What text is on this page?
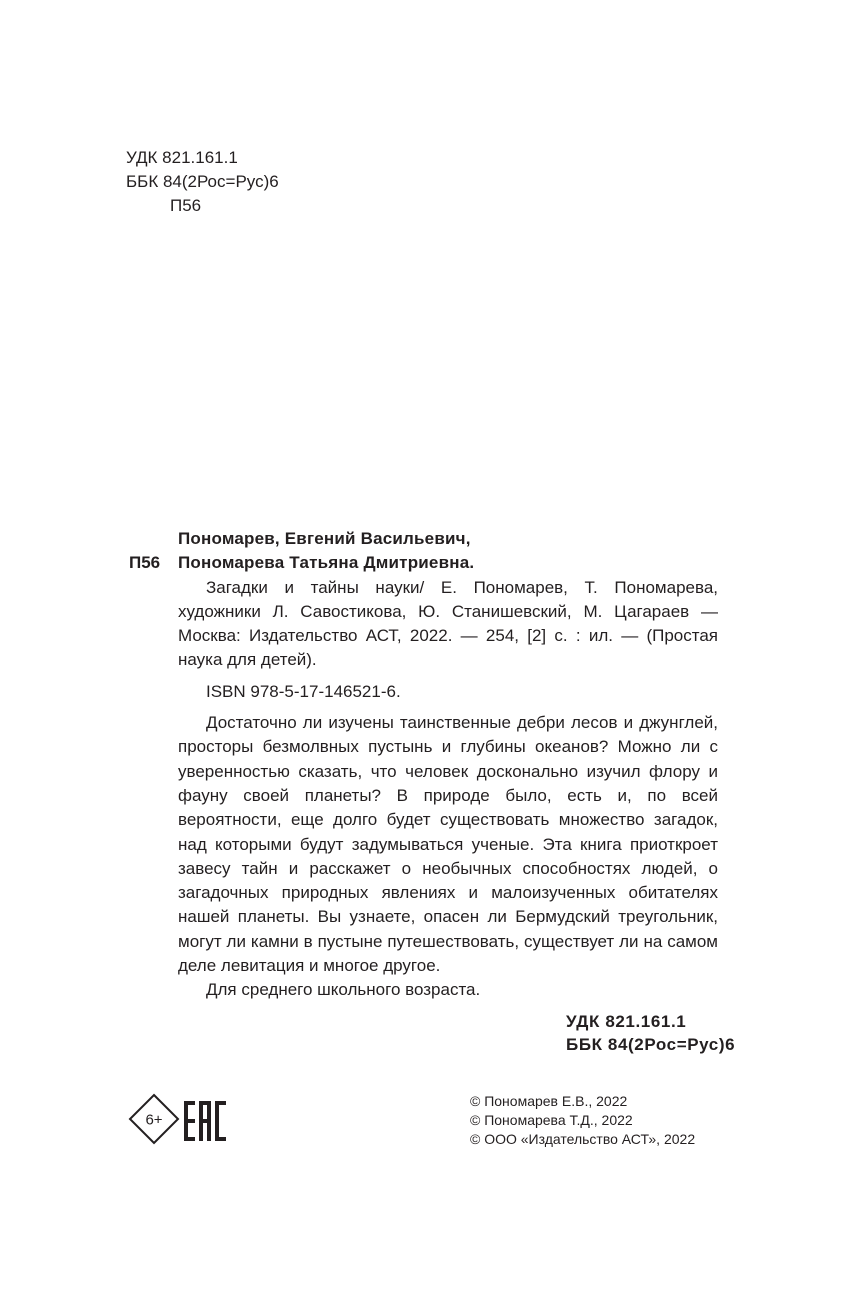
УДК 821.161.1
ББК 84(2Рос=Рус)6
П56
П56
Пономарев, Евгений Васильевич,
Пономарева Татьяна Дмитриевна.

Загадки и тайны науки/ Е. Пономарев, Т. Пономарева, художники Л. Савостикова, Ю. Станишевский, М. Цагараев — Москва: Издательство АСТ, 2022. — 254, [2] с. : ил. — (Простая наука для детей).

ISBN 978-5-17-146521-6.

Достаточно ли изучены таинственные дебри лесов и джунглей, просторы безмолвных пустынь и глубины океанов? Можно ли с уверенностью сказать, что человек досконально изучил флору и фауну своей планеты? В природе было, есть и, по всей вероятности, еще долго будет существовать множество загадок, над которыми будут задумываться ученые. Эта книга приоткроет завесу тайн и расскажет о необычных способностях людей, о загадочных природных явлениях и малоизученных обитателях нашей планеты. Вы узнаете, опасен ли Бермудский треугольник, могут ли камни в пустыне путешествовать, существует ли на самом деле левитация и многое другое.

Для среднего школьного возраста.

УДК 821.161.1
ББК 84(2Рос=Рус)6
6+
© Пономарев Е.В., 2022
© Пономарева Т.Д., 2022
© ООО «Издательство АСТ», 2022
